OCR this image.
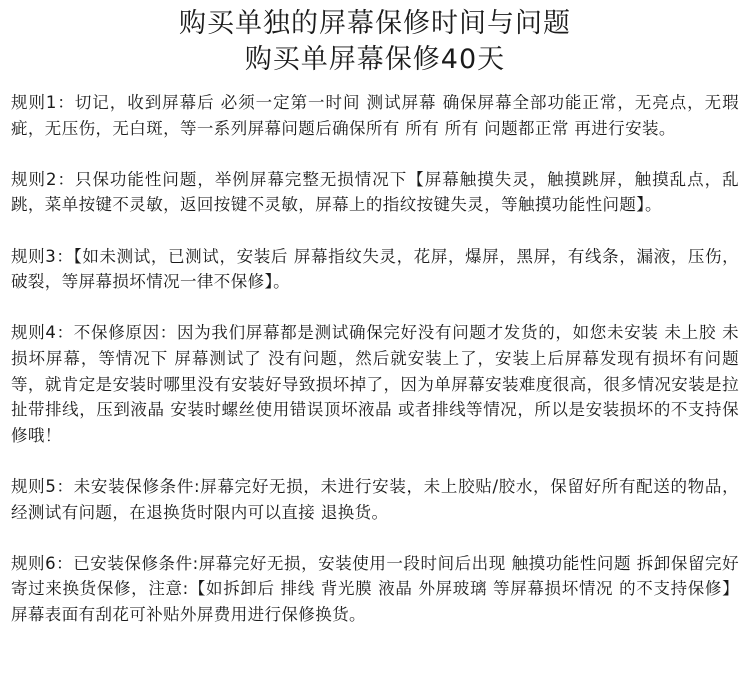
购买单独的屏幕保修时间与问题
购买单屏幕保修40天

规则1：切记，收到屏幕后 必须一定第一时间 测试屏幕 确保屏幕全部功能正常，无亮点，无瑕疵，无压伤，无白斑，等一系列屏幕问题后确保所有 所有 所有 问题都正常 再进行安装。

规则2：只保功能性问题，举例屏幕完整无损情况下【屏幕触摸失灵，触摸跳屏，触摸乱点，乱跳，菜单按键不灵敏，返回按键不灵敏，屏幕上的指纹按键失灵，等触摸功能性问题】。

规则3：【如未测试，已测试，安装后 屏幕指纹失灵，花屏，爆屏，黑屏，有线条，漏液，压伤，破裂，等屏幕损坏情况一律不保修】。

规则4：不保修原因：因为我们屏幕都是测试确保完好没有问题才发货的，如您未安装 未上胶 未损坏屏幕，等情况下 屏幕测试了 没有问题，然后就安装上了，安装上后屏幕发现有损坏有问题等，就肯定是安装时哪里没有安装好导致损坏掉了，因为单屏幕安装难度很高，很多情况安装是拉扯带排线，压到液晶 安装时螺丝使用错误顶坏液晶 或者排线等情况，所以是安装损坏的不支持保修哦！

规则5：未安装保修条件:屏幕完好无损，未进行安装，未上胶贴/胶水，保留好所有配送的物品，经测试有问题，在退换货时限内可以直接 退换货。

规则6：已安装保修条件:屏幕完好无损，安装使用一段时间后出现 触摸功能性问题 拆卸保留完好寄过来换货保修，注意:【如拆卸后 排线 背光膜 液晶 外屏玻璃 等屏幕损坏情况 的不支持保修】屏幕表面有刮花可补贴外屏费用进行保修换货。
